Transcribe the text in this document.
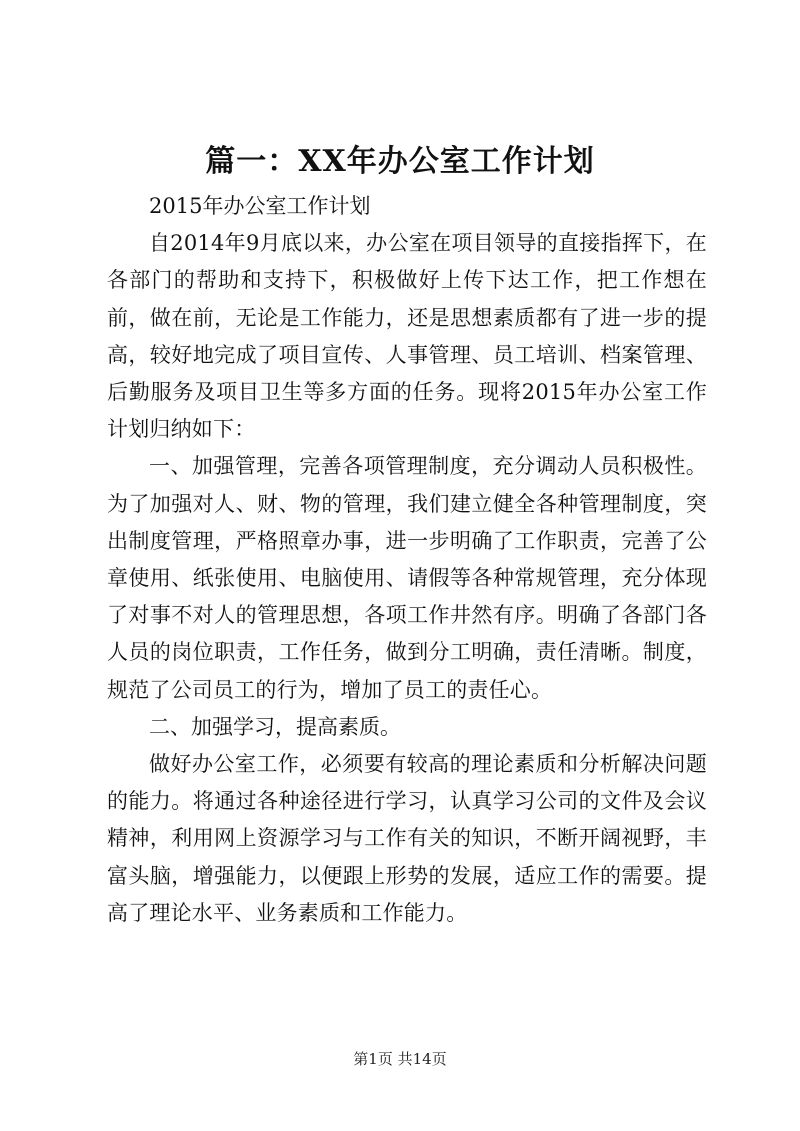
篇一：XX年办公室工作计划

2015年办公室工作计划

自2014年9月底以来，办公室在项目领导的直接指挥下，在各部门的帮助和支持下，积极做好上传下达工作，把工作想在前，做在前，无论是工作能力，还是思想素质都有了进一步的提高，较好地完成了项目宣传、人事管理、员工培训、档案管理、后勤服务及项目卫生等多方面的任务。现将2015年办公室工作计划归纳如下：

一、加强管理，完善各项管理制度，充分调动人员积极性。为了加强对人、财、物的管理，我们建立健全各种管理制度，突出制度管理，严格照章办事，进一步明确了工作职责，完善了公章使用、纸张使用、电脑使用、请假等各种常规管理，充分体现了对事不对人的管理思想，各项工作井然有序。明确了各部门各人员的岗位职责，工作任务，做到分工明确，责任清晰。制度，规范了公司员工的行为，增加了员工的责任心。

二、加强学习，提高素质。

做好办公室工作，必须要有较高的理论素质和分析解决问题的能力。将通过各种途径进行学习，认真学习公司的文件及会议精神，利用网上资源学习与工作有关的知识，不断开阔视野，丰富头脑，增强能力，以便跟上形势的发展，适应工作的需要。提高了理论水平、业务素质和工作能力。

第1页 共14页
